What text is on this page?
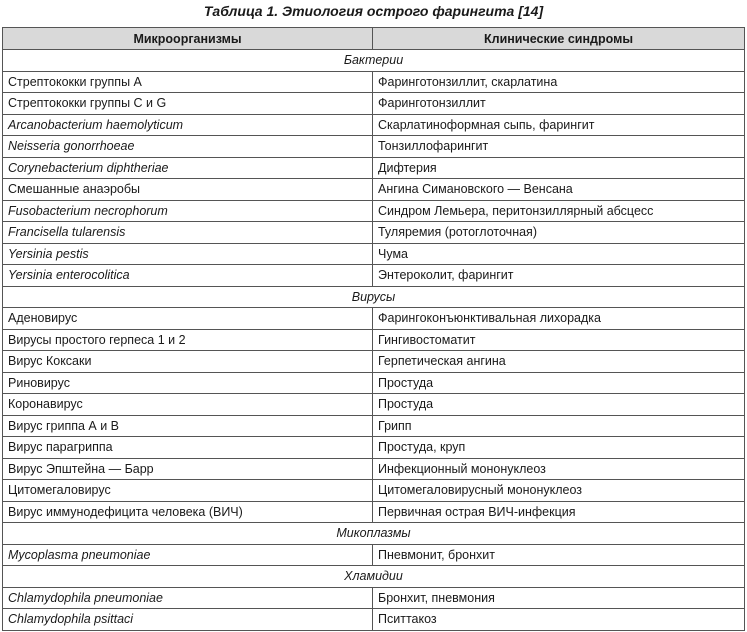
Таблица 1. Этиология острого фарингита [14]
Микроорганизмы	Клинические синдромы
Бактерии	
Стрептококки группы А	Фаринготонзиллит, скарлатина
Стрептококки группы C и G	Фаринготонзиллит
Arcanobacterium haemolyticum	Скарлатиноформная сыпь, фарингит
Neisseria gonorrhoeae	Тонзиллофарингит
Corynebacterium diphtheriae	Дифтерия
Смешанные анаэробы	Ангина Симановского — Венсана
Fusobacterium necrophorum	Синдром Лемьера, перитонзиллярный абсцесс
Francisella tularensis	Туляремия (ротоглоточная)
Yersinia pestis	Чума
Yersinia enterocolitica	Энтероколит, фарингит
Вирусы	
Аденовирус	Фарингоконъюнктивальная лихорадка
Вирусы простого герпеса 1 и 2	Гингивостоматит
Вирус Коксаки	Герпетическая ангина
Риновирус	Простуда
Коронавирус	Простуда
Вирус гриппа А и В	Грипп
Вирус парагриппа	Простуда, круп
Вирус Эпштейна — Барр	Инфекционный мононуклеоз
Цитомегаловирус	Цитомегаловирусный мононуклеоз
Вирус иммунодефицита человека (ВИЧ)	Первичная острая ВИЧ-инфекция
Микоплазмы	
Mycoplasma pneumoniae	Пневмонит, бронхит
Хламидии	
Chlamydophila pneumoniae	Бронхит, пневмония
Chlamydophila psittaci	Пситтакоз
